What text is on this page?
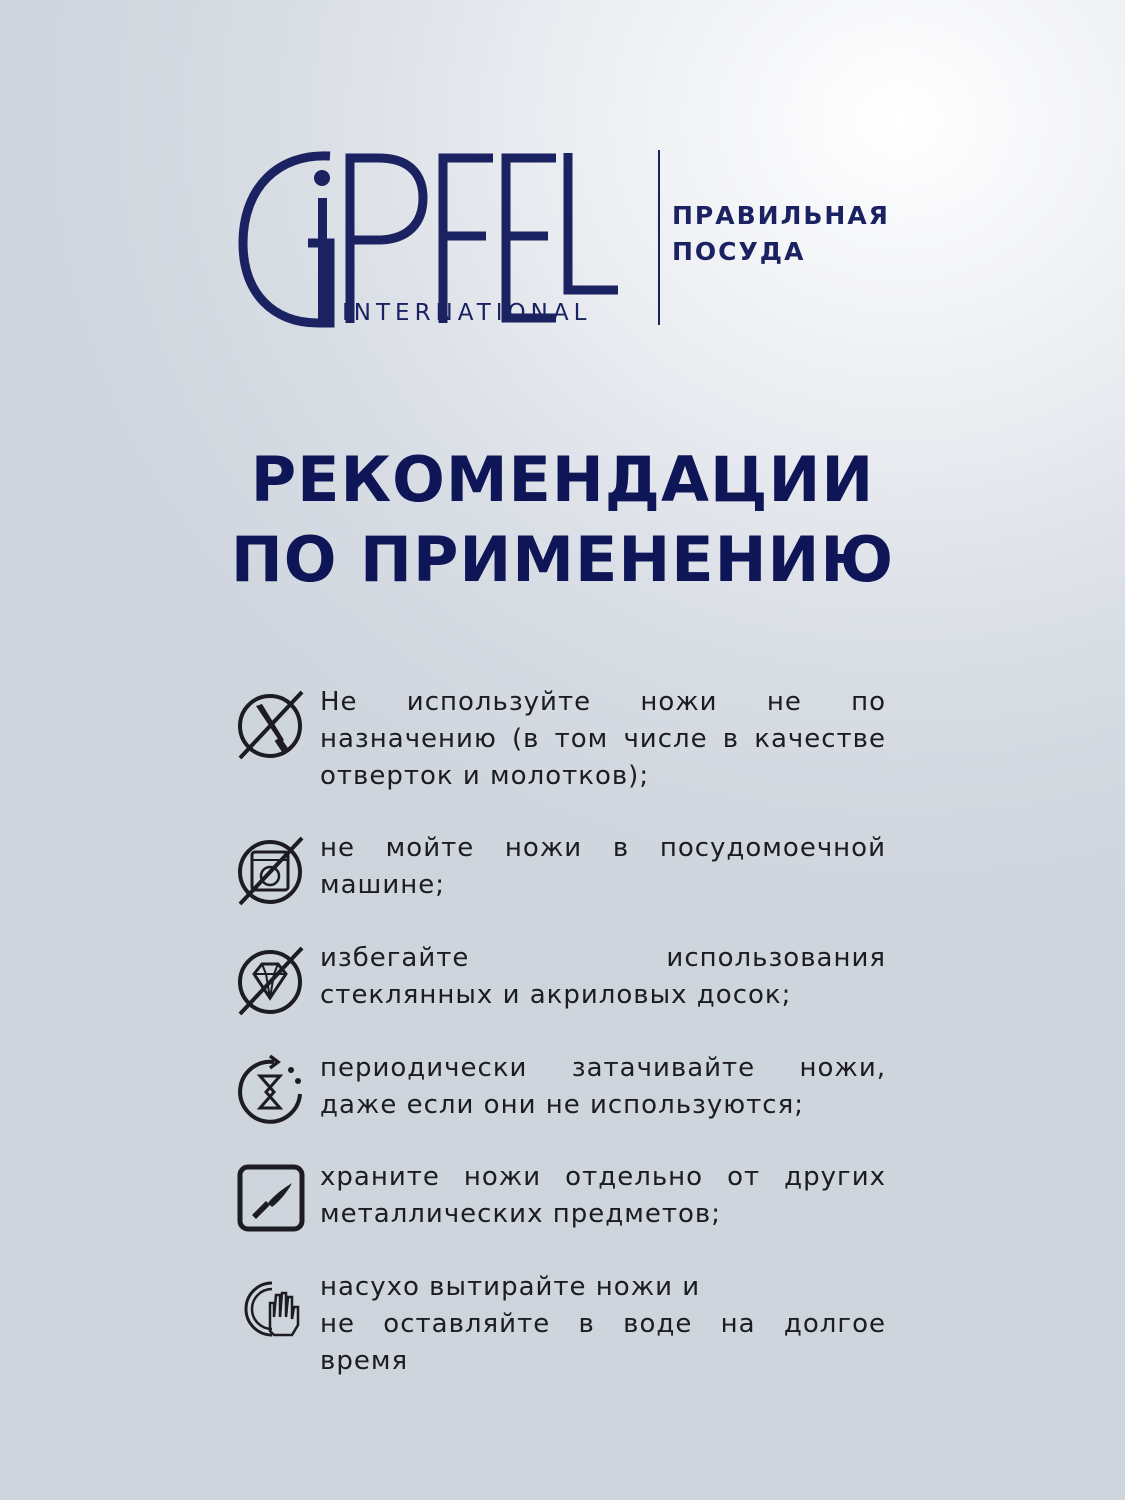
INTERNATIONAL
ПРАВИЛЬНАЯ
ПОСУДА
РЕКОМЕНДАЦИИ
ПО ПРИМЕНЕНИЮ
Не используйте ножи не по
назначению (в том числе в качестве
отверток и молотков);
не мойте ножи в посудомоечной
машине;
избегайте использования
стеклянных и акриловых досок;
периодически затачивайте ножи,
даже если они не используются;
храните ножи отдельно от других
металлических предметов;
насухо вытирайте ножи и
не оставляйте в воде на долгое
время
